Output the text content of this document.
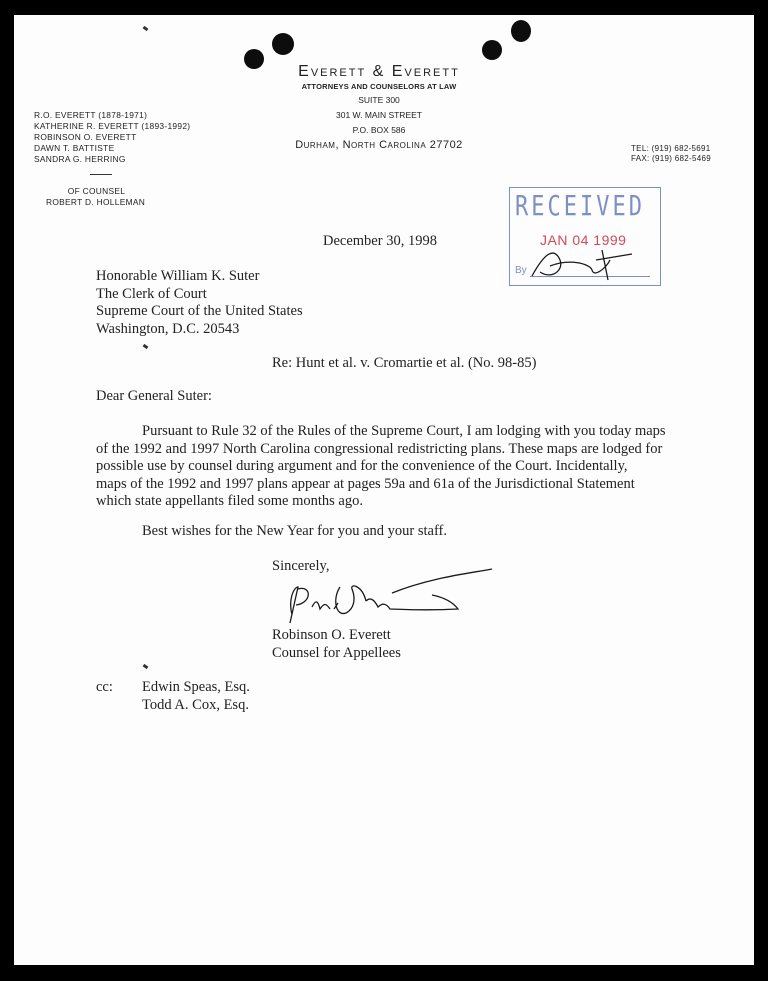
Everett & Everett
ATTORNEYS AND COUNSELORS AT LAW
SUITE 300
301 W. MAIN STREET
P.O. BOX 586
Durham, North Carolina 27702
R.O. EVERETT (1878-1971)
KATHERINE R. EVERETT (1893-1992)
ROBINSON O. EVERETT
DAWN T. BATTISTE
SANDRA G. HERRING
OF COUNSEL
ROBERT D. HOLLEMAN
TEL: (919) 682-5691
FAX: (919) 682-5469
RECEIVED
JAN 04 1999
By
December 30, 1998
Honorable William K. Suter
The Clerk of Court
Supreme Court of the United States
Washington, D.C. 20543
Re: Hunt et al. v. Cromartie et al. (No. 98-85)
Dear General Suter:
Pursuant to Rule 32 of the Rules of the Supreme Court, I am lodging with you today maps
of the 1992 and 1997 North Carolina congressional redistricting plans. These maps are lodged for
possible use by counsel during argument and for the convenience of the Court. Incidentally,
maps of the 1992 and 1997 plans appear at pages 59a and 61a of the Jurisdictional Statement
which state appellants filed some months ago.
Best wishes for the New Year for you and your staff.
Sincerely,
Robinson O. Everett
Counsel for Appellees
cc: Edwin Speas, Esq.
Todd A. Cox, Esq.
